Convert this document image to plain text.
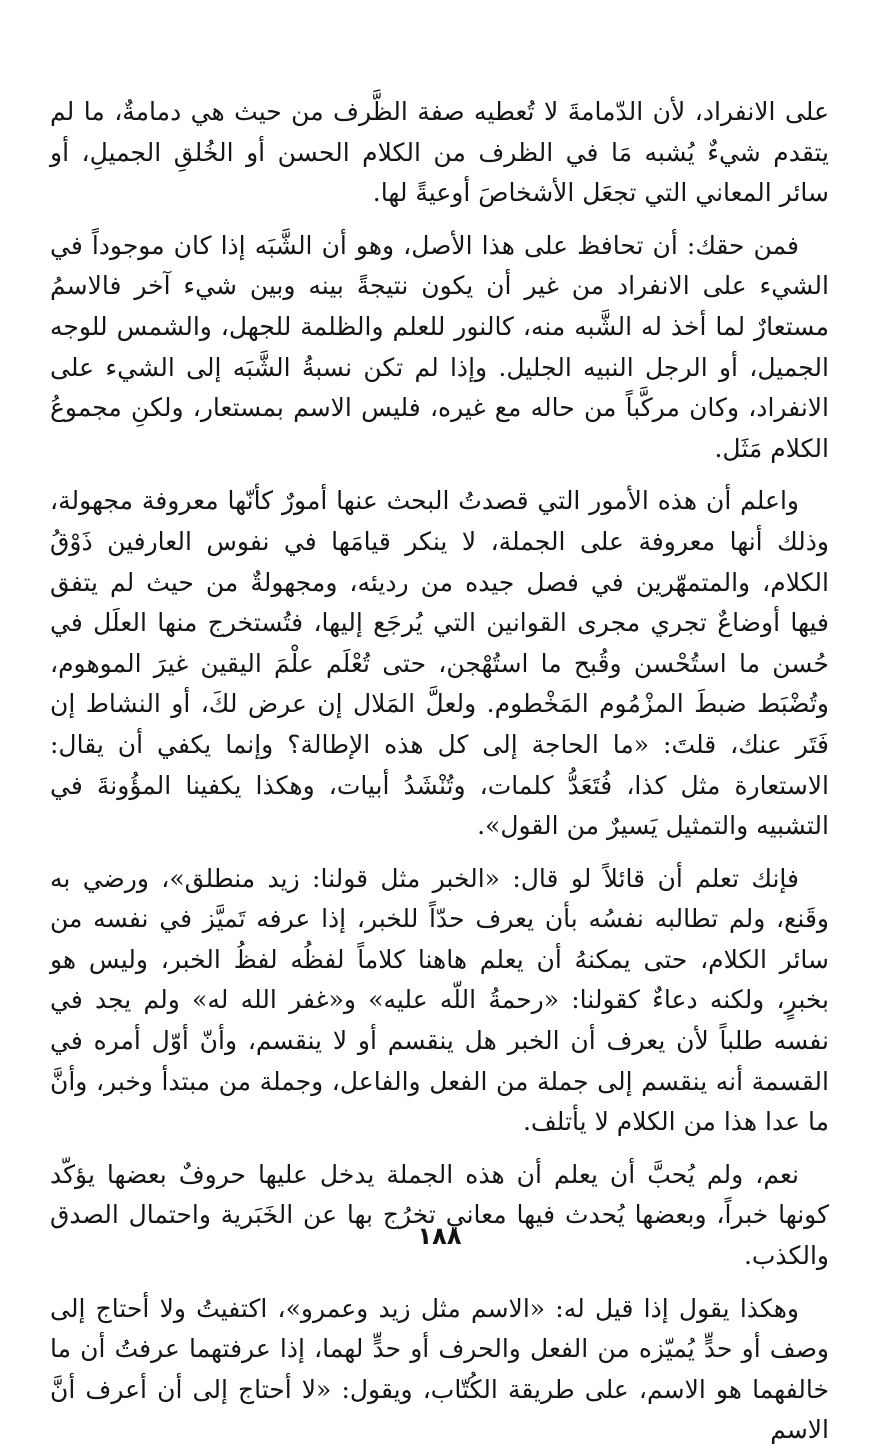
على الانفراد، لأن الدّمامةَ لا تُعطيه صفة الظَّرف من حيث هي دمامةٌ، ما لم يتقدم شيءٌ يُشبه مَا في الظرف من الكلام الحسن أو الخُلقِ الجميلِ، أو سائر المعاني التي تجعَل الأشخاصَ أوعيةً لها.

فمن حقك: أن تحافظ على هذا الأصل، وهو أن الشَّبَه إذا كان موجوداً في الشيء على الانفراد من غير أن يكون نتيجةً بينه وبين شيء آخر فالاسمُ مستعارٌ لما أخذ له الشَّبه منه، كالنور للعلم والظلمة للجهل، والشمس للوجه الجميل، أو الرجل النبيه الجليل. وإذا لم تكن نسبةُ الشَّبَه إلى الشيء على الانفراد، وكان مركَّباً من حاله مع غيره، فليس الاسم بمستعار، ولكنِ مجموعُ الكلام مَثَل.

واعلم أن هذه الأمور التي قصدتُ البحث عنها أمورٌ كأنّها معروفة مجهولة، وذلك أنها معروفة على الجملة، لا ينكر قيامَها في نفوس العارفين ذَوْقُ الكلام، والمتمهّرين في فصل جيده من رديئه، ومجهولةٌ من حيث لم يتفق فيها أوضاعٌ تجري مجرى القوانين التي يُرجَع إليها، فتُستخرج منها العلَل في حُسن ما استُحْسن وقُبح ما استُهْجن، حتى تُعْلَم علْمَ اليقين غيرَ الموهوم، وتُضْبَط ضبطَ المزْمُوم المَخْطوم. ولعلَّ المَلال إن عرض لكَ، أو النشاط إن فَتَر عنك، قلتَ: «ما الحاجة إلى كل هذه الإطالة؟ وإنما يكفي أن يقال: الاستعارة مثل كذا، فُتَعَدُّ كلمات، وتُنْشَدُ أبيات، وهكذا يكفينا المؤُونةَ في التشبيه والتمثيل يَسيرٌ من القول».

فإنك تعلم أن قائلاً لو قال: «الخبر مثل قولنا: زيد منطلق»، ورضي به وقَنع، ولم تطالبه نفسُه بأن يعرف حدّاً للخبر، إذا عرفه تَميَّز في نفسه من سائر الكلام، حتى يمكنهُ أن يعلم هاهنا كلاماً لفظُه لفظُ الخبر، وليس هو بخبرٍ، ولكنه دعاءٌ كقولنا: «رحمةُ اللّه عليه» و«غفر الله له» ولم يجد في نفسه طلباً لأن يعرف أن الخبر هل ينقسم أو لا ينقسم، وأنّ أوّل أمره في القسمة أنه ينقسم إلى جملة من الفعل والفاعل، وجملة من مبتدأ وخبر، وأنَّ ما عدا هذا من الكلام لا يأتلف.

نعم، ولم يُحبَّ أن يعلم أن هذه الجملة يدخل عليها حروفٌ بعضها يؤكّد كونها خبراً، وبعضها يُحدث فيها معاني تخرُج بها عن الخَبَرية واحتمال الصدق والكذب.

وهكذا يقول إذا قيل له: «الاسم مثل زيد وعمرو»، اكتفيتُ ولا أحتاج إلى وصف أو حدٍّ يُميّزه من الفعل والحرف أو حدٍّ لهما، إذا عرفتهما عرفتُ أن ما خالفهما هو الاسم، على طريقة الكُتّاب، ويقول: «لا أحتاج إلى أن أعرف أنَّ الاسم

١٨٨
